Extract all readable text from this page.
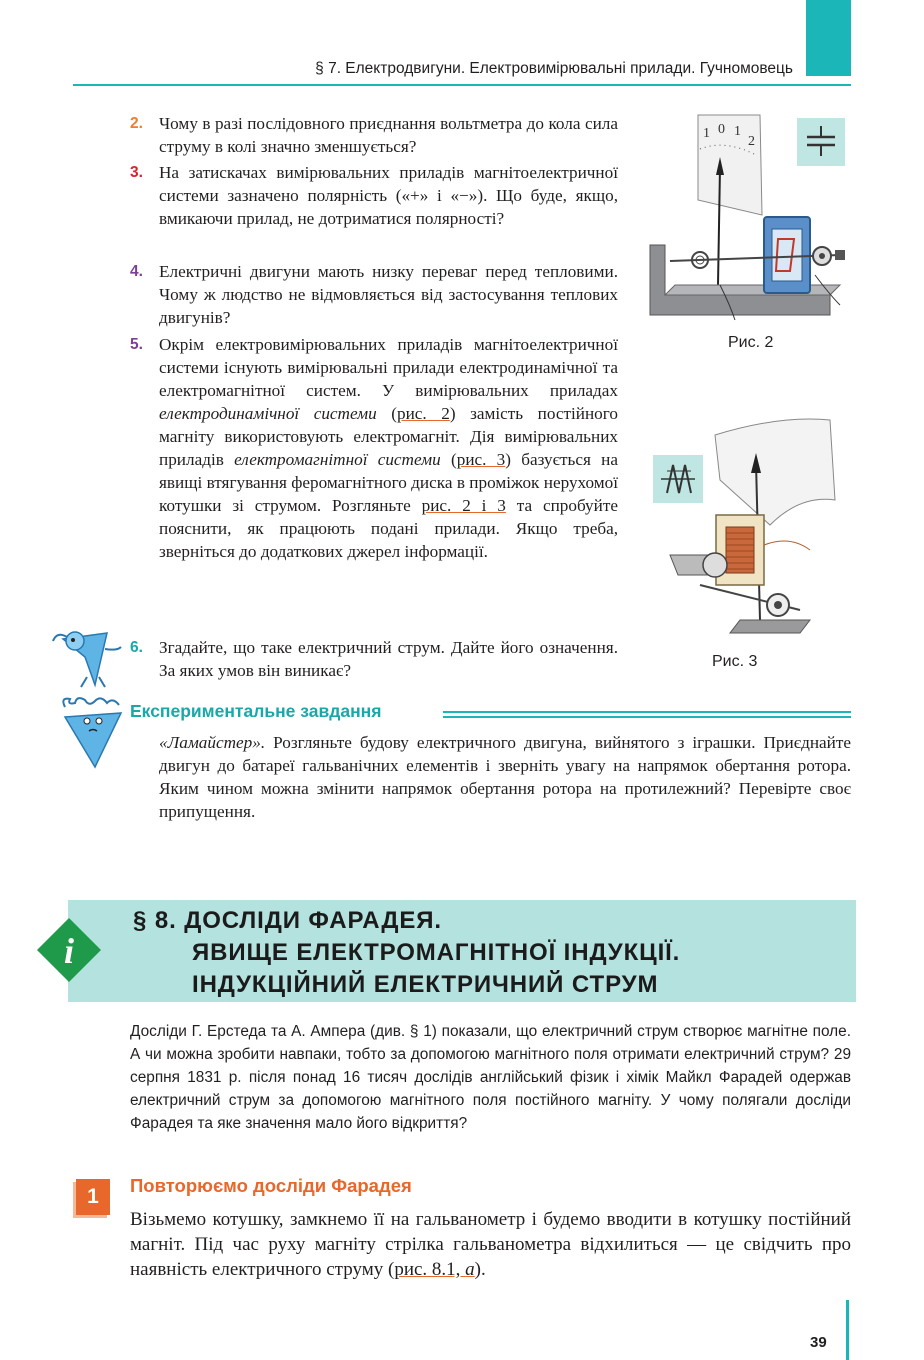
§ 7. Електродвигуни. Електровимірювальні прилади. Гучномовець
2. Чому в разі послідовного приєднання вольтметра до кола сила струму в колі значно зменшується?
3. На затискачах вимірювальних приладів магнітоелектричної системи зазначено полярність («+» і «−»). Що буде, якщо, вмикаючи прилад, не дотриматися полярності?
4. Електричні двигуни мають низку переваг перед тепловими. Чому ж людство не відмовляється від застосування теплових двигунів?
5. Окрім електровимірювальних приладів магнітоелектричної системи існують вимірювальні прилади електродинамічної та електромагнітної систем. У вимірювальних приладах електродинамічної системи (рис. 2) замість постійного магніту використовують електромагніт. Дія вимірювальних приладів електромагнітної системи (рис. 3) базується на явищі втягування феромагнітного диска в проміжок нерухомої котушки зі струмом. Розгляньте рис. 2 і 3 та спробуйте пояснити, як працюють подані прилади. Якщо треба, зверніться до додаткових джерел інформації.
6. Згадайте, що таке електричний струм. Дайте його означення. За яких умов він виникає?
1 0 1
2
Рис. 2
Рис. 3
Експериментальне завдання
«Ламайстер». Розгляньте будову електричного двигуна, вийнятого з іграшки. Приєднайте двигун до батареї гальванічних елементів і зверніть увагу на напрямок обертання ротора. Яким чином можна змінити напрямок обертання ротора на протилежний? Перевірте своє припущення.
i
§ 8. ДОСЛІДИ ФАРАДЕЯ.
ЯВИЩЕ ЕЛЕКТРОМАГНІТНОЇ ІНДУКЦІЇ.
ІНДУКЦІЙНИЙ ЕЛЕКТРИЧНИЙ СТРУМ
Досліди Г. Ерстеда та А. Ампера (див. § 1) показали, що електричний струм створює магнітне поле. А чи можна зробити навпаки, тобто за допомогою магнітного поля отримати електричний струм? 29 серпня 1831 р. після понад 16 тисяч дослідів англійський фізик і хімік Майкл Фарадей одержав електричний струм за допомогою магнітного поля постійного магніту. У чому полягали досліди Фарадея та яке значення мало його відкриття?
1	Повторюємо досліди Фарадея
Візьмемо котушку, замкнемо її на гальванометр і будемо вводити в котушку постійний магніт. Під час руху магніту стрілка гальванометра відхилиться — це свідчить про наявність електричного струму (рис. 8.1, а).
39
